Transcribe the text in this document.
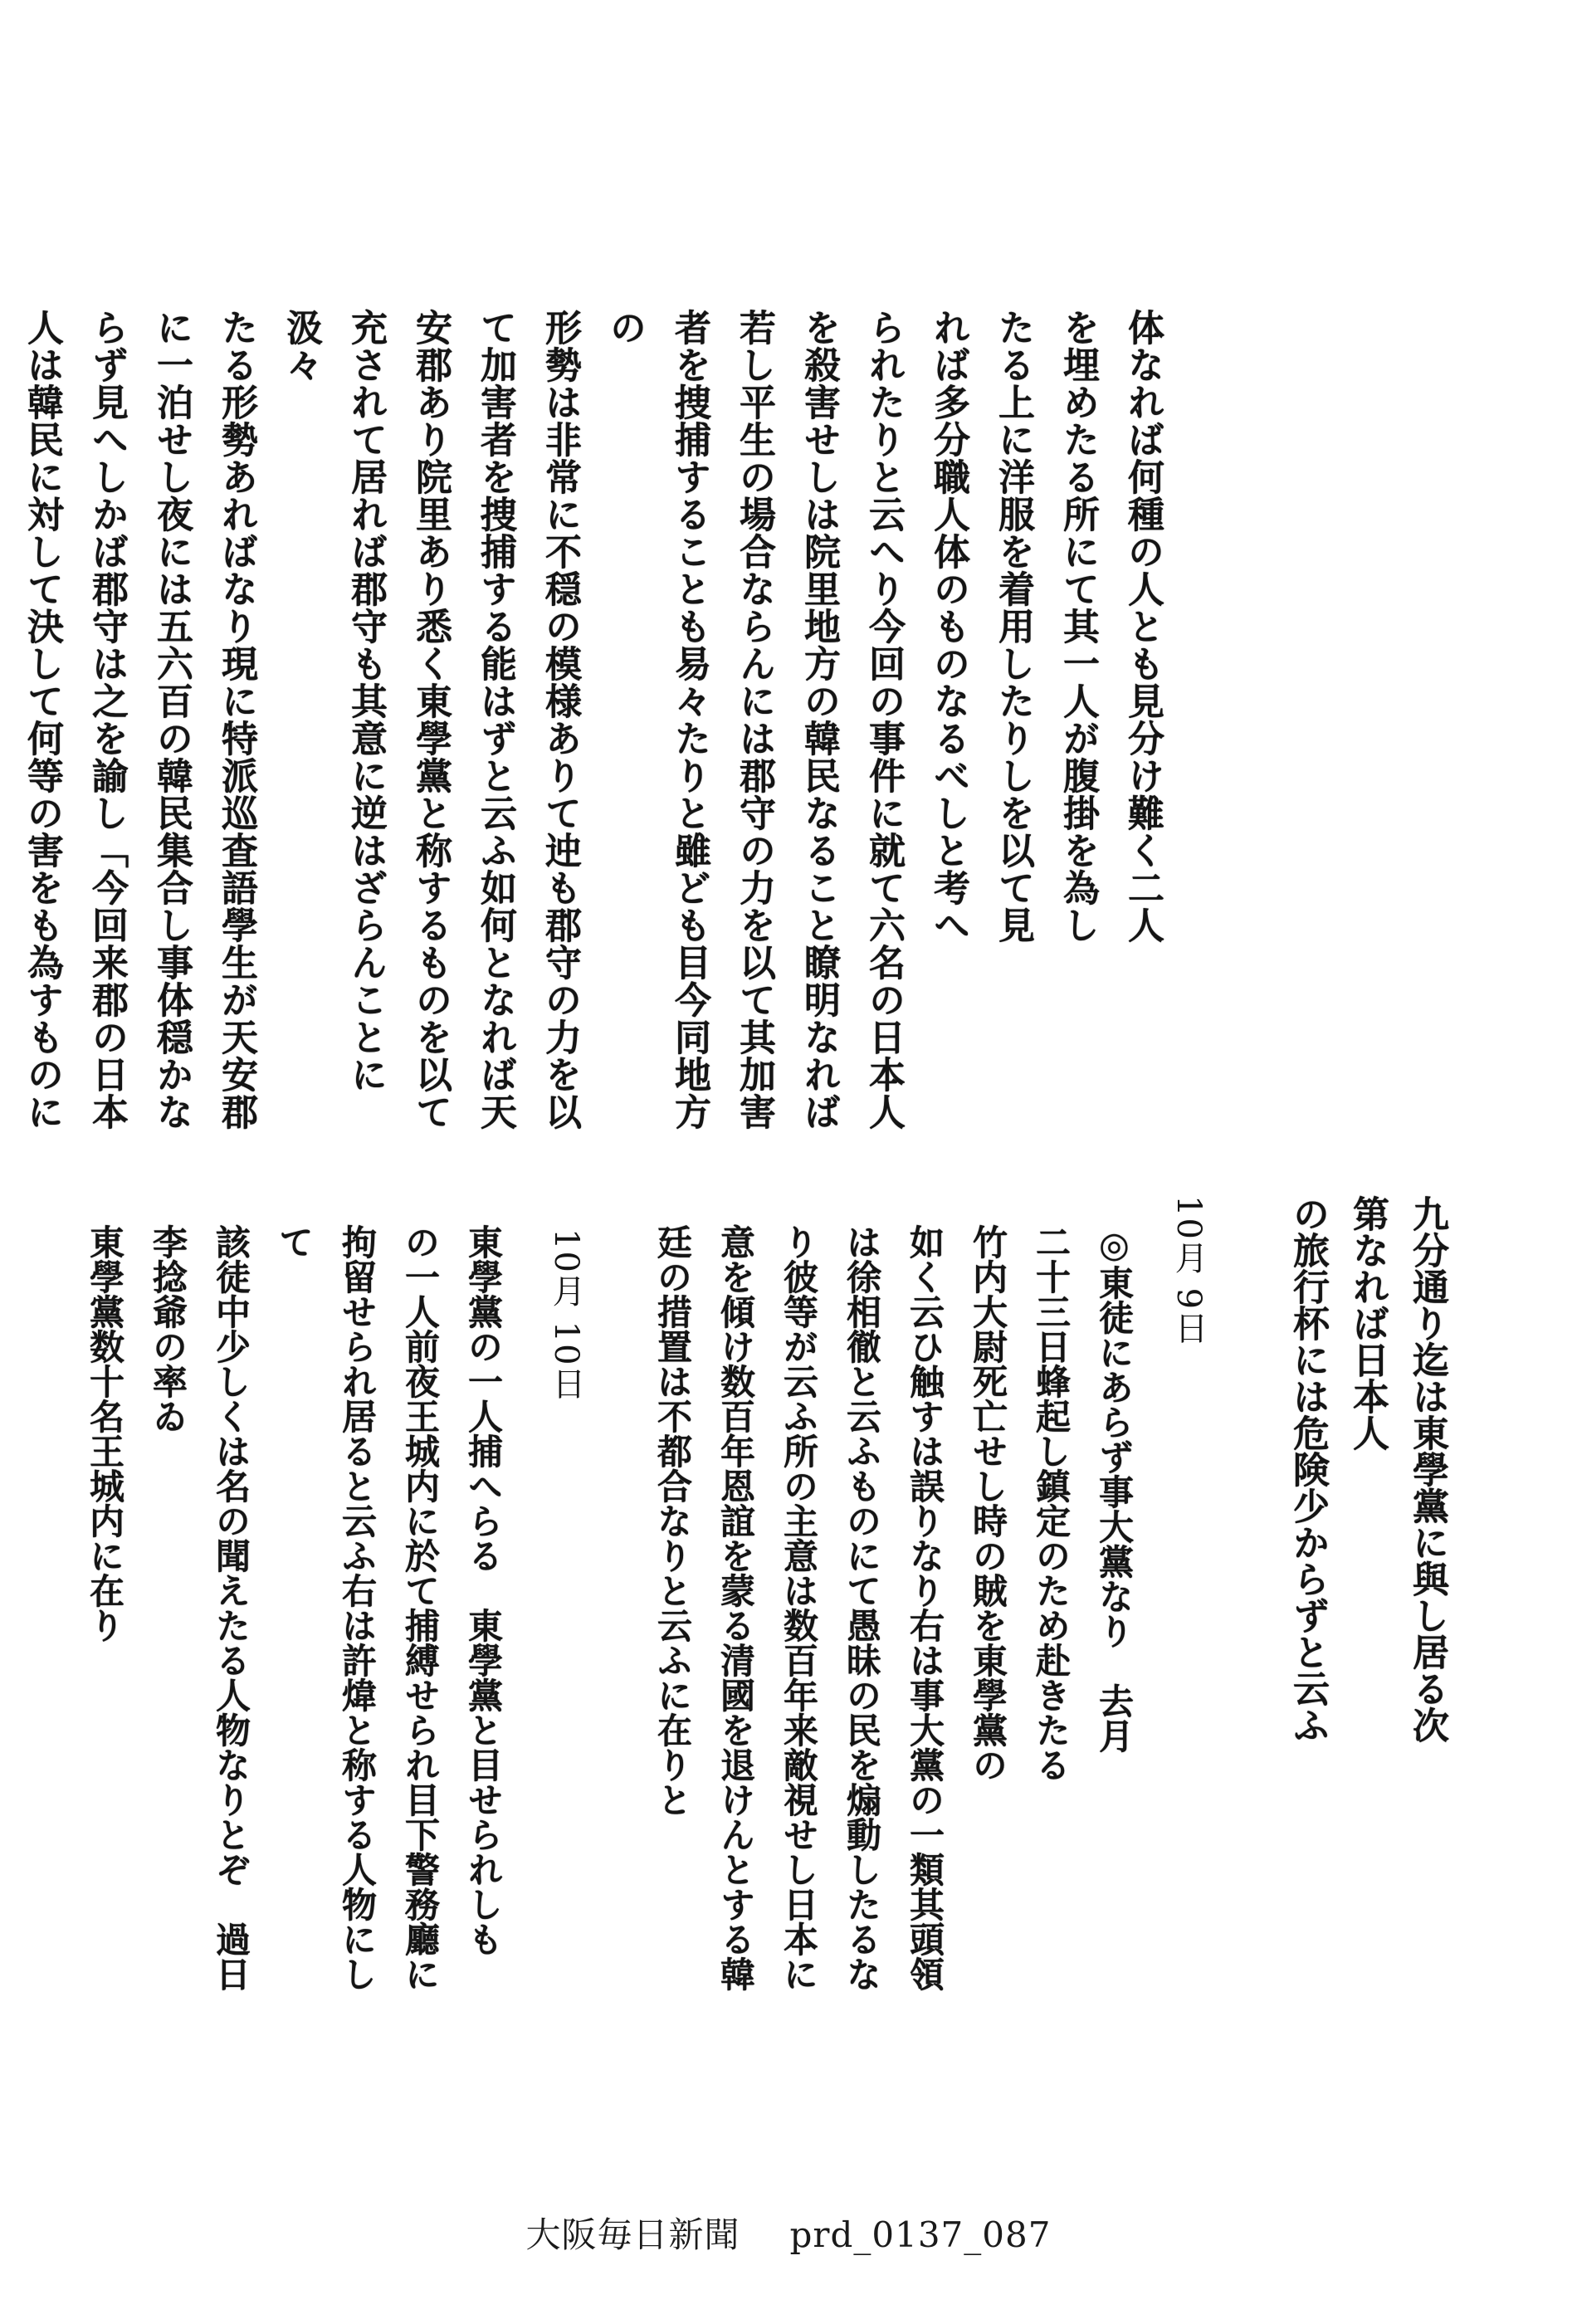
体なれば何種の人とも見分け難く二人
を埋めたる所にて其一人が腹掛を為し
たる上に洋服を着用したりしを以て見
れば多分職人体のものなるべしと考へ
られたりと云へり今回の事件に就て六名の日本人
を殺害せしは院里地方の韓民なること瞭明なれば
若し平生の場合ならんには郡守の力を以て其加害
者を捜捕することも易々たりと雖ども目今同地方の
形勢は非常に不穏の模様ありて迚も郡守の力を以
て加害者を捜捕する能はずと云ふ如何となれば天
安郡あり院里あり悉く東學黨と称するものを以て
充されて居れば郡守も其意に逆はざらんことに汲々
たる形勢あればなり現に特派巡査語學生が天安郡
に一泊せし夜には五六百の韓民集合し事体穏かな
らず見へしかば郡守は之を諭し「今回来郡の日本
人は韓民に対して決して何等の害をも為すものに

九分通り迄は東學黨に與し居る次第なれば日本人
の旅行杯には危険少からずと云ふ
10月 9日
◎東徒にあらず事大黨なり　去月
二十三日蜂起し鎮定のため赴きたる
竹内大尉死亡せし時の賊を東學黨の
如く云ひ触すは誤りなり右は事大黨の一類其頭領
は徐相徹と云ふものにて愚昧の民を煽動したるな
り彼等が云ふ所の主意は数百年来敵視せし日本に
意を傾け数百年恩誼を蒙る清國を退けんとする韓
廷の措置は不都合なりと云ふに在りと
10月 10日
東學黨の一人捕へらる　東學黨と目せられしも
の一人前夜王城内に於て捕縛せられ目下警務廳に
拘留せられ居ると云ふ右は許煒と称する人物にして
該徒中少しくは名の聞えたる人物なりとぞ　過日李捻爺の率ゐ
東學黨数十名王城内に在り
大阪毎日新聞 prd_0137_087
